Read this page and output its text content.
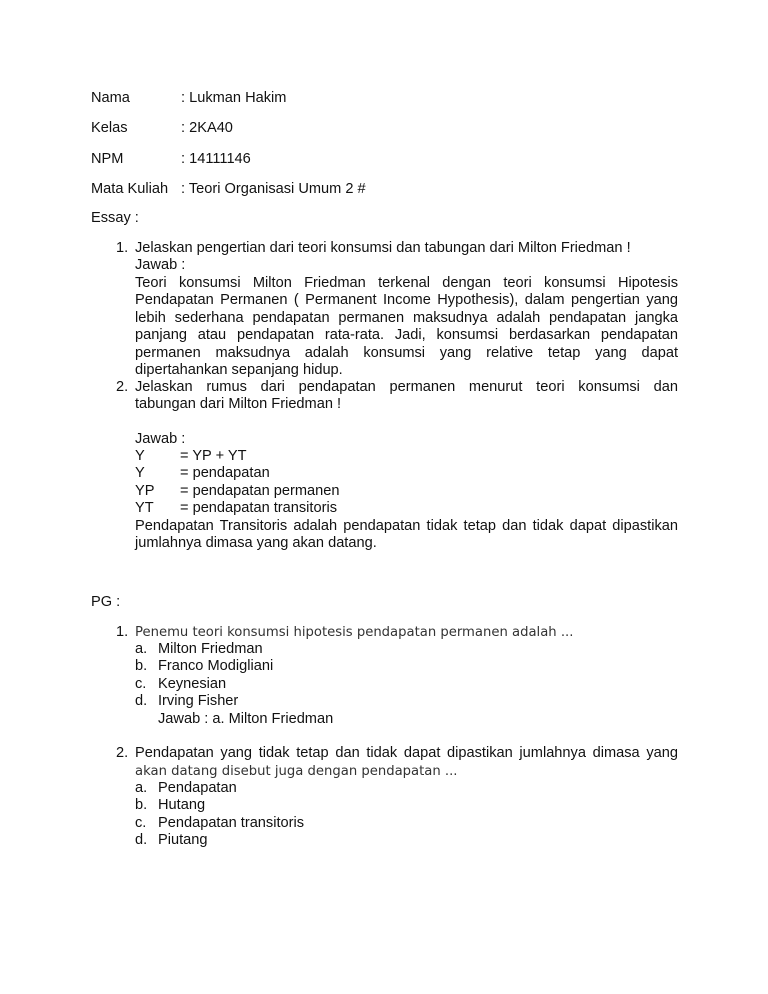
Nama	: Lukman Hakim
Kelas	: 2KA40
NPM	: 14111146
Mata Kuliah : Teori Organisasi Umum 2 #
Essay :
1. Jelaskan pengertian dari teori konsumsi dan tabungan dari Milton Friedman !
Jawab :
Teori konsumsi Milton Friedman terkenal dengan teori konsumsi Hipotesis Pendapatan Permanen ( Permanent Income Hypothesis), dalam pengertian yang lebih sederhana pendapatan permanen maksudnya adalah pendapatan jangka panjang atau pendapatan rata-rata. Jadi, konsumsi berdasarkan pendapatan permanen maksudnya adalah konsumsi yang relative tetap yang dapat dipertahankan sepanjang hidup.
2. Jelaskan rumus dari pendapatan permanen menurut teori konsumsi dan
tabungan dari Milton Friedman !
Jawab :
Y = YP + YT
Y = pendapatan
YP = pendapatan permanen
YT = pendapatan transitoris
Pendapatan Transitoris adalah pendapatan tidak tetap dan tidak dapat dipastikan
jumlahnya dimasa yang akan datang.
PG :
1. Penemu teori konsumsi hipotesis pendapatan permanen adalah ...
a. Milton Friedman
b. Franco Modigliani
c. Keynesian
d. Irving Fisher
Jawab : a. Milton Friedman
2. Pendapatan yang tidak tetap dan tidak dapat dipastikan jumlahnya dimasa yang
akan datang disebut juga dengan pendapatan ...
a. Pendapatan
b. Hutang
c. Pendapatan transitoris
d. Piutang
